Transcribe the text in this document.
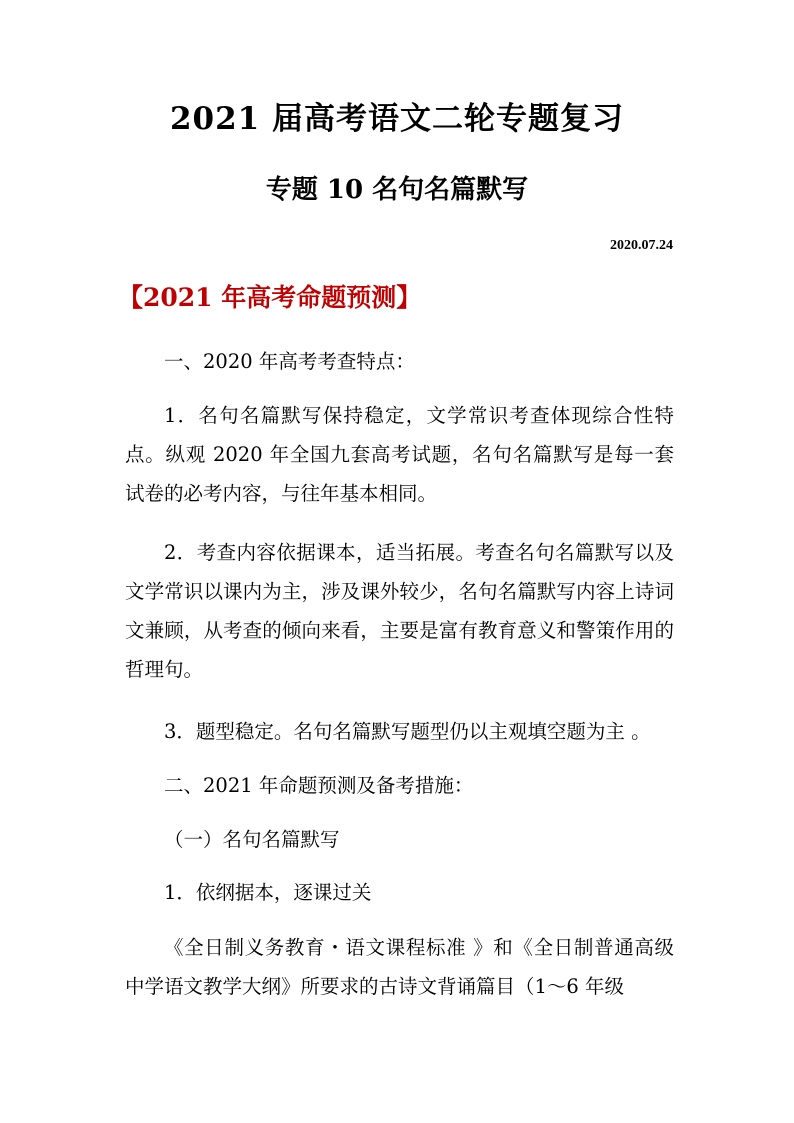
2021 届高考语文二轮专题复习
专题 10 名句名篇默写
2020.07.24
【2021 年高考命题预测】

一、2020 年高考考查特点：

1．名句名篇默写保持稳定，文学常识考查体现综合性特点。纵观 2020 年全国九套高考试题，名句名篇默写是每一套试卷的必考内容，与往年基本相同。

2．考查内容依据课本，适当拓展。考查名句名篇默写以及文学常识以课内为主，涉及课外较少，名句名篇默写内容上诗词文兼顾，从考查的倾向来看，主要是富有教育意义和警策作用的哲理句。

3．题型稳定。名句名篇默写题型仍以主观填空题为主 。

二、2021 年命题预测及备考措施：

（一）名句名篇默写

1．依纲据本，逐课过关

《全日制义务教育・语文课程标准 》和《全日制普通高级中学语文教学大纲》所要求的古诗文背诵篇目（1～6 年级
